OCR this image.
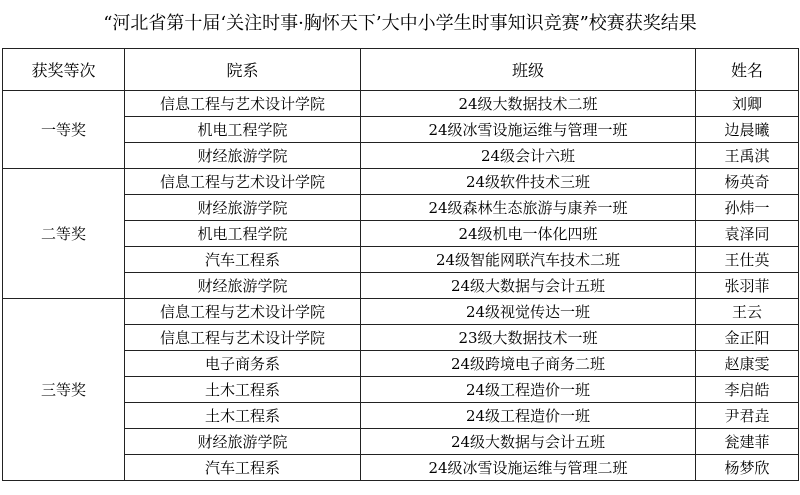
“河北省第十届‘关注时事·胸怀天下’大中小学生时事知识竞赛”校赛获奖结果
获奖等次	院系	班级	姓名
一等奖	信息工程与艺术设计学院	24级大数据技术二班	刘卿
	机电工程学院	24级冰雪设施运维与管理一班	边晨曦
	财经旅游学院	24级会计六班	王禹淇
二等奖	信息工程与艺术设计学院	24级软件技术三班	杨英奇
	财经旅游学院	24级森林生态旅游与康养一班	孙炜一
	机电工程学院	24级机电一体化四班	袁泽同
	汽车工程系	24级智能网联汽车技术二班	王仕英
	财经旅游学院	24级大数据与会计五班	张羽菲
三等奖	信息工程与艺术设计学院	24级视觉传达一班	王云
	信息工程与艺术设计学院	23级大数据技术一班	金正阳
	电子商务系	24级跨境电子商务二班	赵康雯
	土木工程系	24级工程造价一班	李启皓
	土木工程系	24级工程造价一班	尹君垚
	财经旅游学院	24级大数据与会计五班	瓮建菲
	汽车工程系	24级冰雪设施运维与管理二班	杨梦欣
